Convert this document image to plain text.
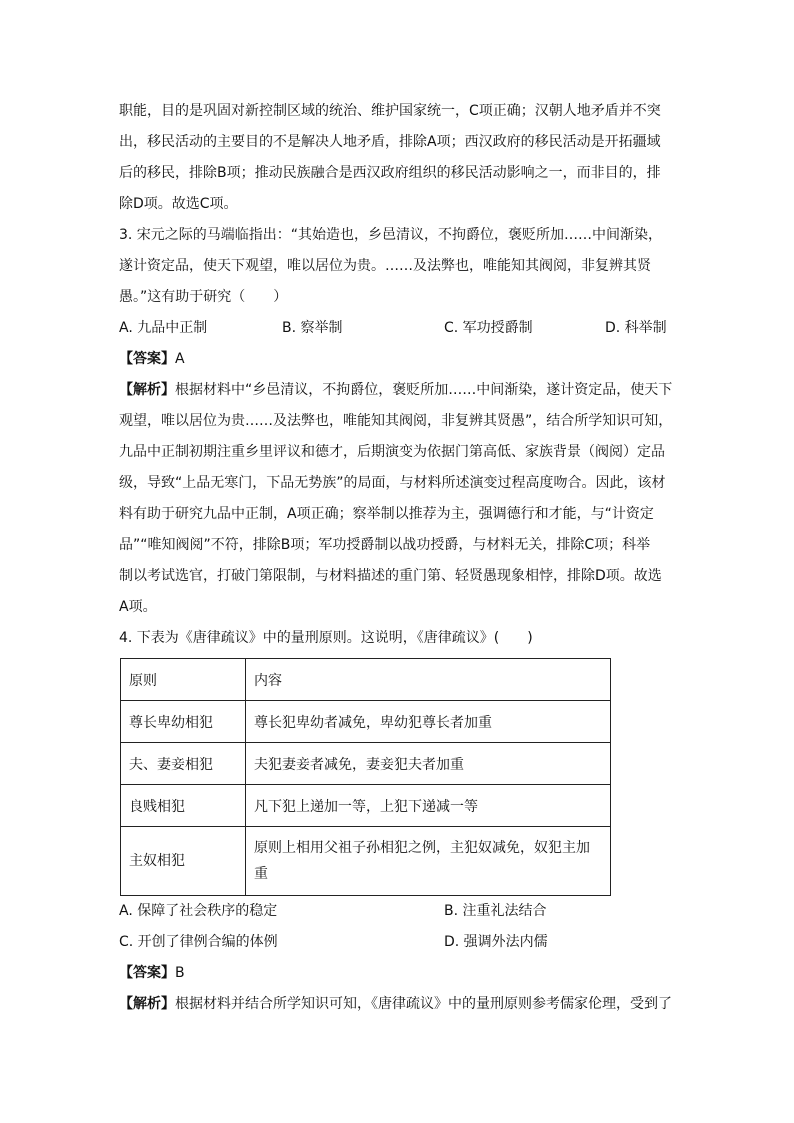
职能，目的是巩固对新控制区域的统治、维护国家统一，C项正确；汉朝人地矛盾并不突
出，移民活动的主要目的不是解决人地矛盾，排除A项；西汉政府的移民活动是开拓疆域
后的移民，排除B项；推动民族融合是西汉政府组织的移民活动影响之一，而非目的，排
除D项。故选C项。
3. 宋元之际的马端临指出：“其始造也，乡邑清议，不拘爵位，褒贬所加……中间渐染，
遂计资定品，使天下观望，唯以居位为贵。……及法弊也，唯能知其阀阅，非复辨其贤
愚。”这有助于研究（　　）
A. 九品中正制	B. 察举制	C. 军功授爵制	D. 科举制
【答案】A
【解析】根据材料中“乡邑清议，不拘爵位，褒贬所加……中间渐染，遂计资定品，使天下
观望，唯以居位为贵……及法弊也，唯能知其阀阅，非复辨其贤愚”，结合所学知识可知，
九品中正制初期注重乡里评议和德才，后期演变为依据门第高低、家族背景（阀阅）定品
级，导致“上品无寒门，下品无势族”的局面，与材料所述演变过程高度吻合。因此，该材
料有助于研究九品中正制，A项正确；察举制以推荐为主，强调德行和才能，与“计资定
品”“唯知阀阅”不符，排除B项；军功授爵制以战功授爵，与材料无关，排除C项；科举
制以考试选官，打破门第限制，与材料描述的重门第、轻贤愚现象相悖，排除D项。故选
A项。
4. 下表为《唐律疏议》中的量刑原则。这说明，《唐律疏议》(　　)
原则	内容
尊长卑幼相犯	尊长犯卑幼者减免，卑幼犯尊长者加重
夫、妻妾相犯	夫犯妻妾者减免，妻妾犯夫者加重
良贱相犯	凡下犯上递加一等，上犯下递减一等
主奴相犯	原则上相用父祖子孙相犯之例，主犯奴减免，奴犯主加重
A. 保障了社会秩序的稳定	B. 注重礼法结合
C. 开创了律例合编的体例	D. 强调外法内儒
【答案】B
【解析】根据材料并结合所学知识可知，《唐律疏议》中的量刑原则参考儒家伦理，受到了
